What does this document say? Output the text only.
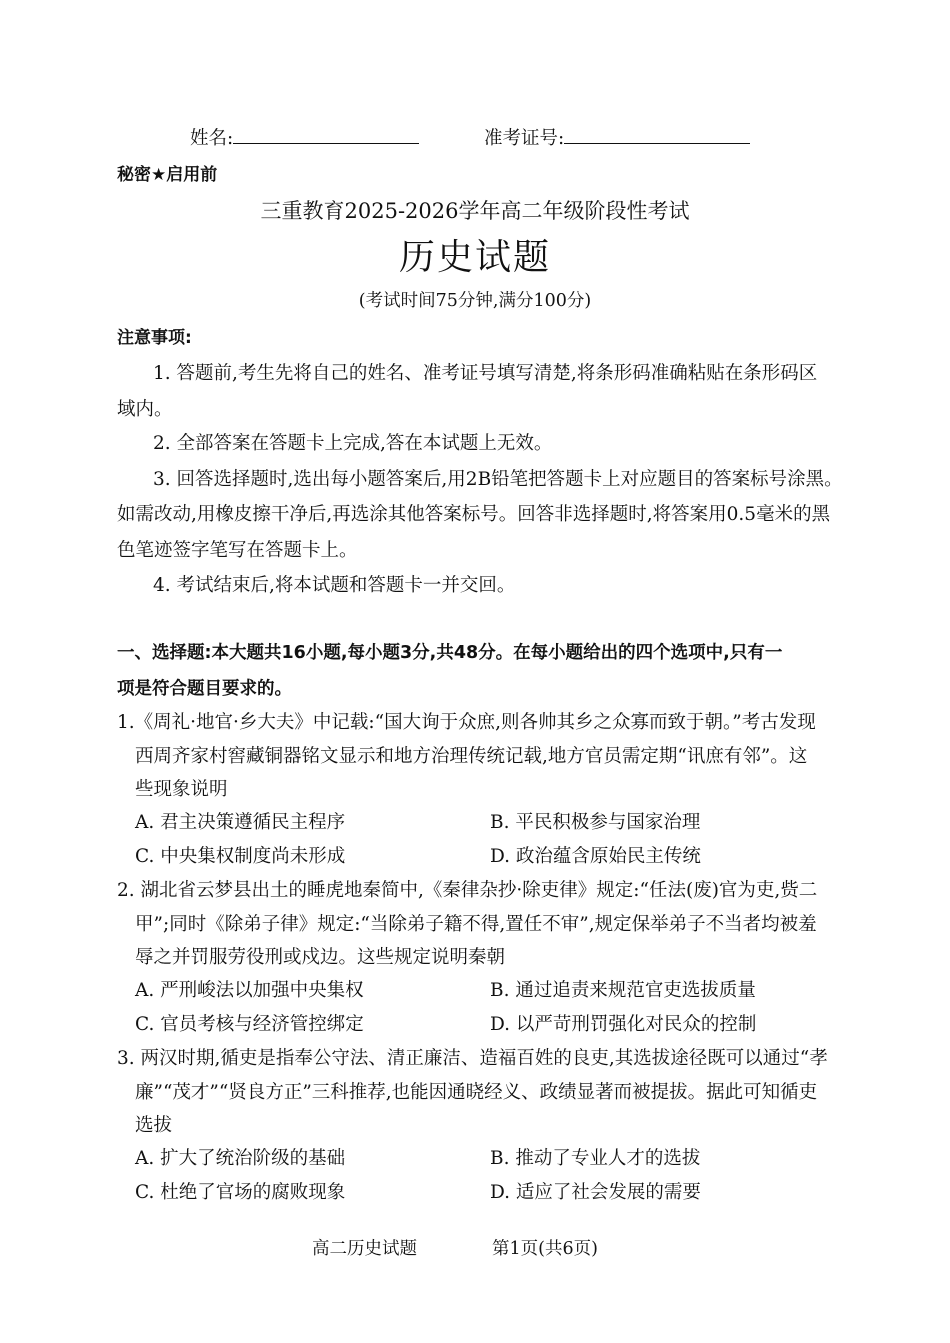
姓名:	准考证号:
秘密★启用前
三重教育2025-2026学年高二年级阶段性考试
历史试题
(考试时间75分钟,满分100分)
注意事项:
1. 答题前,考生先将自己的姓名、准考证号填写清楚,将条形码准确粘贴在条形码区
域内。
2. 全部答案在答题卡上完成,答在本试题上无效。
3. 回答选择题时,选出每小题答案后,用2B铅笔把答题卡上对应题目的答案标号涂黑。
如需改动,用橡皮擦干净后,再选涂其他答案标号。回答非选择题时,将答案用0.5毫米的黑
色笔迹签字笔写在答题卡上。
4. 考试结束后,将本试题和答题卡一并交回。
一、选择题:本大题共16小题,每小题3分,共48分。在每小题给出的四个选项中,只有一
项是符合题目要求的。
1.《周礼·地官·乡大夫》中记载:“国大询于众庶,则各帅其乡之众寡而致于朝。”考古发现
西周齐家村窖藏铜器铭文显示和地方治理传统记载,地方官员需定期“讯庶有邻”。这
些现象说明
A. 君主决策遵循民主程序	B. 平民积极参与国家治理
C. 中央集权制度尚未形成	D. 政治蕴含原始民主传统
2. 湖北省云梦县出土的睡虎地秦简中,《秦律杂抄·除吏律》规定:“任法(废)官为吏,赀二
甲”;同时《除弟子律》规定:“当除弟子籍不得,置任不审”,规定保举弟子不当者均被羞
辱之并罚服劳役刑或戍边。这些规定说明秦朝
A. 严刑峻法以加强中央集权	B. 通过追责来规范官吏选拔质量
C. 官员考核与经济管控绑定	D. 以严苛刑罚强化对民众的控制
3. 两汉时期,循吏是指奉公守法、清正廉洁、造福百姓的良吏,其选拔途径既可以通过“孝
廉”“茂才”“贤良方正”三科推荐,也能因通晓经义、政绩显著而被提拔。据此可知循吏
选拔
A. 扩大了统治阶级的基础	B. 推动了专业人才的选拔
C. 杜绝了官场的腐败现象	D. 适应了社会发展的需要
高二历史试题	第1页(共6页)
